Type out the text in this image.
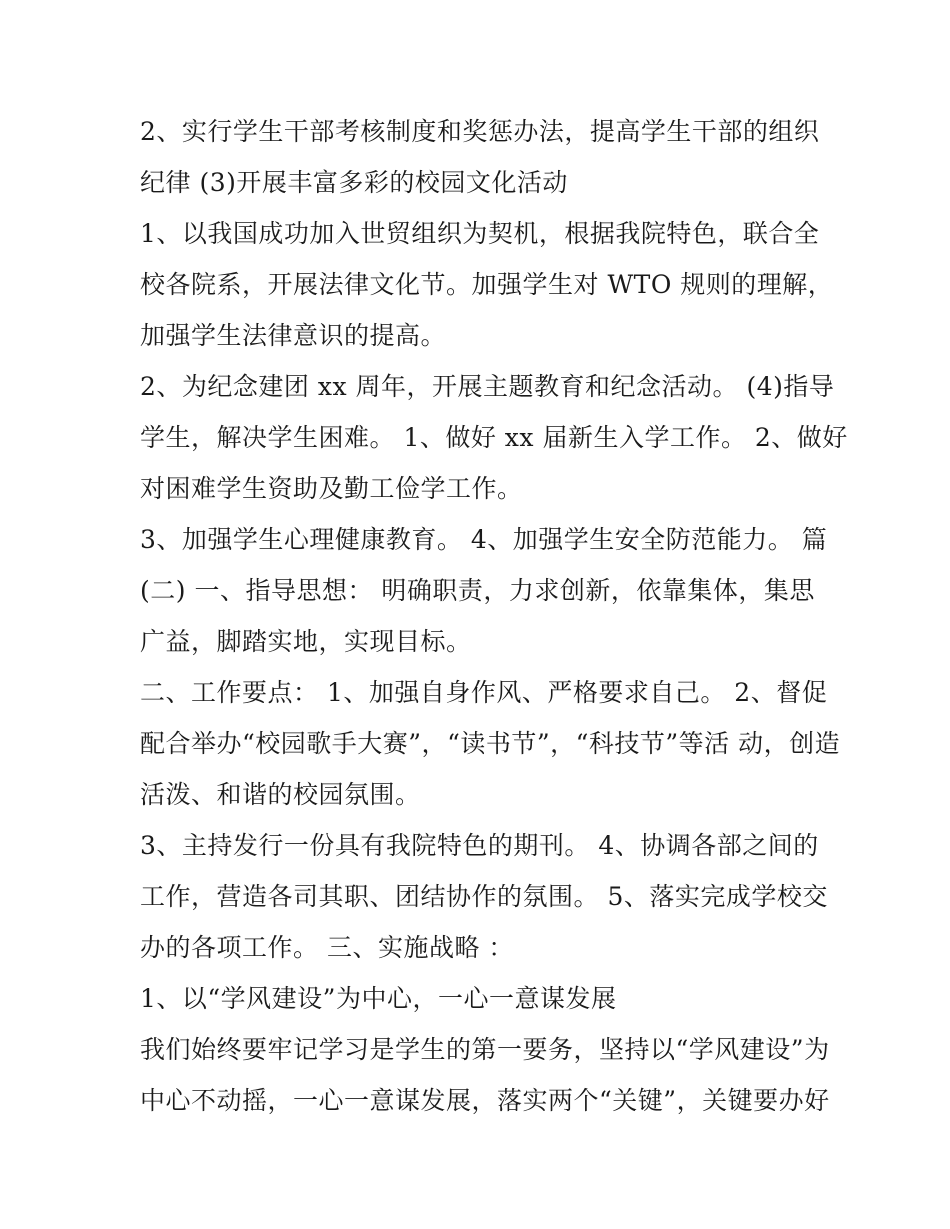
2、实行学生干部考核制度和奖惩办法，提高学生干部的组织
纪律 (3)开展丰富多彩的校园文化活动
1、以我国成功加入世贸组织为契机，根据我院特色，联合全
校各院系，开展法律文化节。加强学生对 WTO 规则的理解，
加强学生法律意识的提高。
2、为纪念建团 xx 周年，开展主题教育和纪念活动。 (4)指导
学生，解决学生困难。 1、做好 xx 届新生入学工作。 2、做好
对困难学生资助及勤工俭学工作。
3、加强学生心理健康教育。 4、加强学生安全防范能力。 篇
(二) 一、指导思想： 明确职责，力求创新，依靠集体，集思
广益，脚踏实地，实现目标。
二、工作要点： 1、加强自身作风、严格要求自己。 2、督促
配合举办“校园歌手大赛”，“读书节”，“科技节”等活 动，创造
活泼、和谐的校园氛围。
3、主持发行一份具有我院特色的期刊。 4、协调各部之间的
工作，营造各司其职、团结协作的氛围。 5、落实完成学校交
办的各项工作。 三、实施战略 ：
1、以“学风建设”为中心，一心一意谋发展
我们始终要牢记学习是学生的第一要务，坚持以“学风建设”为
中心不动摇，一心一意谋发展，落实两个“关键”，关键要办好
